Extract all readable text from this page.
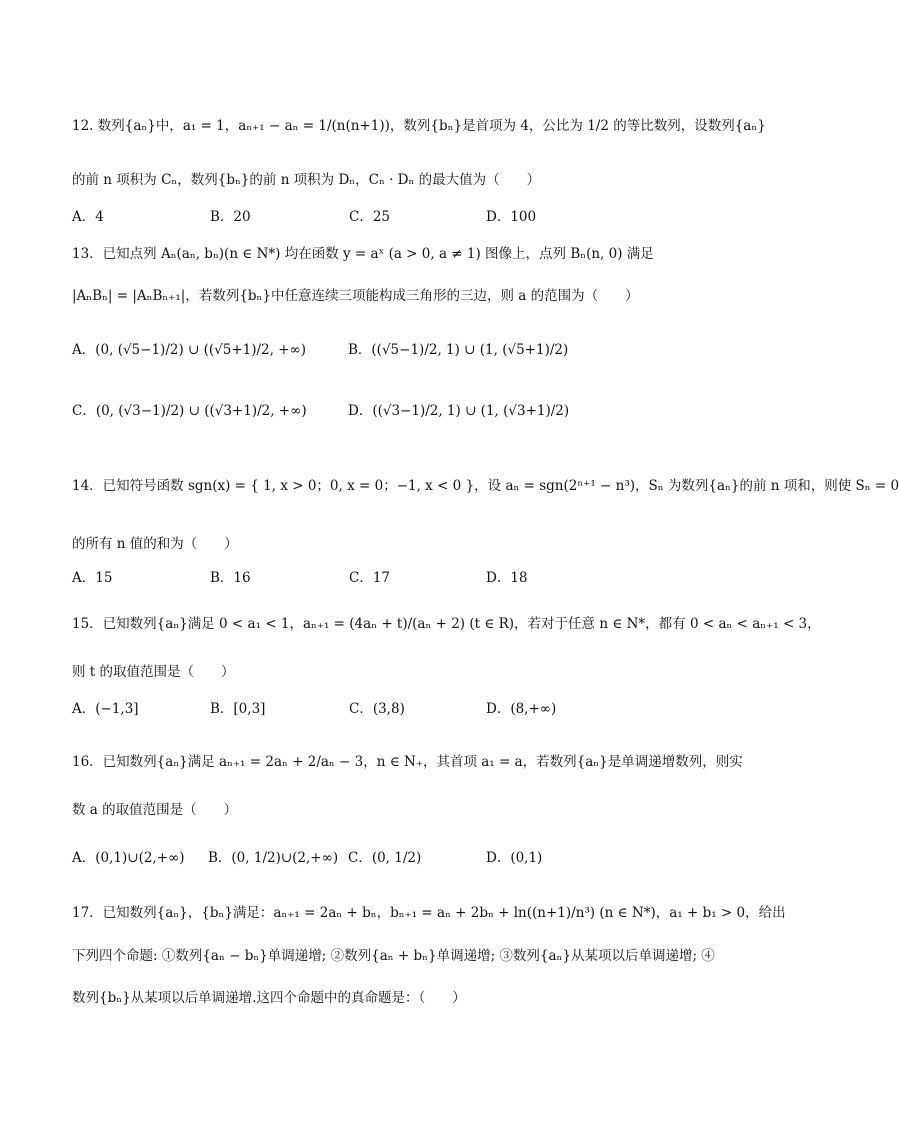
12. 数列{aₙ}中，a₁ = 1，aₙ₊₁ − aₙ = 1/(n(n+1))，数列{bₙ}是首项为 4，公比为 1/2 的等比数列，设数列{aₙ}
的前 n 项积为 Cₙ，数列{bₙ}的前 n 项积为 Dₙ，Cₙ · Dₙ 的最大值为（　　）
A．4	B．20	C．25	D．100
13．已知点列 Aₙ(aₙ, bₙ)(n ∈ N*) 均在函数 y = aˣ (a > 0, a ≠ 1) 图像上，点列 Bₙ(n, 0) 满足
|AₙBₙ| = |AₙBₙ₊₁|，若数列{bₙ}中任意连续三项能构成三角形的三边，则 a 的范围为（　　）
A．(0, (√5−1)/2) ∪ ((√5+1)/2, +∞)	B．((√5−1)/2, 1) ∪ (1, (√5+1)/2)
C．(0, (√3−1)/2) ∪ ((√3+1)/2, +∞)	D．((√3−1)/2, 1) ∪ (1, (√3+1)/2)
14．已知符号函数 sgn(x) = { 1, x > 0；0, x = 0；−1, x < 0 }，设 aₙ = sgn(2ⁿ⁺¹ − n³)，Sₙ 为数列{aₙ}的前 n 项和，则使 Sₙ = 0
的所有 n 值的和为（　　）
A．15	B．16	C．17	D．18
15．已知数列{aₙ}满足 0 < a₁ < 1，aₙ₊₁ = (4aₙ + t)/(aₙ + 2) (t ∈ R)，若对于任意 n ∈ N*，都有 0 < aₙ < aₙ₊₁ < 3，
则 t 的取值范围是（　　）
A．(−1,3]	B．[0,3]	C．(3,8)	D．(8,+∞)
16．已知数列{aₙ}满足 aₙ₊₁ = 2aₙ + 2/aₙ − 3，n ∈ N₊，其首项 a₁ = a，若数列{aₙ}是单调递增数列，则实
数 a 的取值范围是（　　）
A．(0,1)∪(2,+∞) B．(0, 1/2)∪(2,+∞) C．(0, 1/2)	D．(0,1)
17．已知数列{aₙ}，{bₙ}满足：aₙ₊₁ = 2aₙ + bₙ，bₙ₊₁ = aₙ + 2bₙ + ln((n+1)/n³) (n ∈ N*)，a₁ + b₁ > 0，给出
下列四个命题: ①数列{aₙ − bₙ}单调递增; ②数列{aₙ + bₙ}单调递增; ③数列{aₙ}从某项以后单调递增; ④
数列{bₙ}从某项以后单调递增.这四个命题中的真命题是：（　　）
